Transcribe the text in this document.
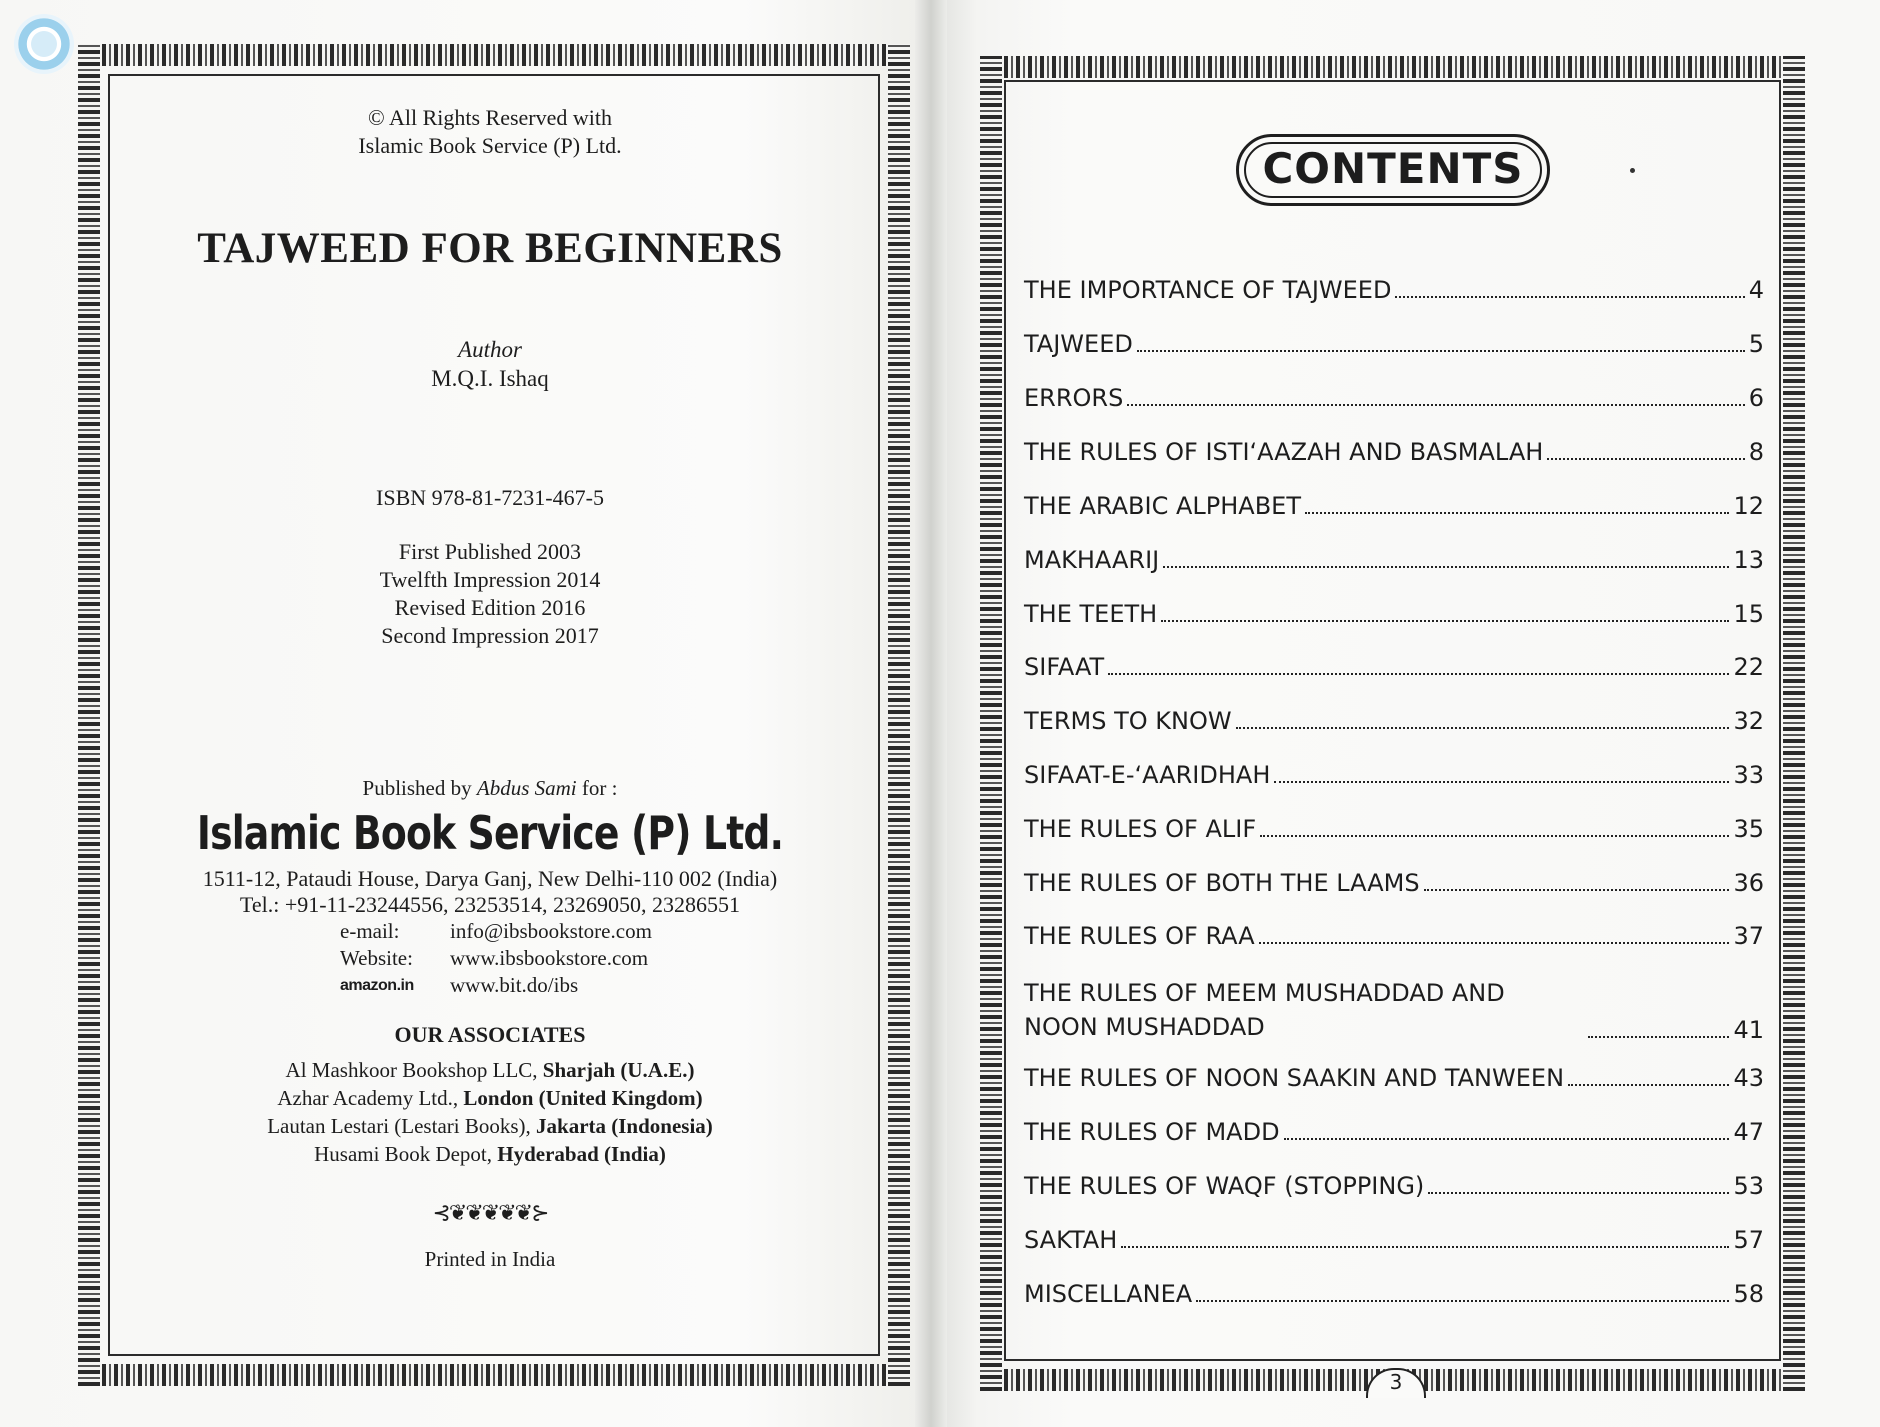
© All Rights Reserved with
Islamic Book Service (P) Ltd.
TAJWEED FOR BEGINNERS
Author
M.Q.I. Ishaq
ISBN 978-81-7231-467-5
First Published 2003
Twelfth Impression 2014
Revised Edition 2016
Second Impression 2017
Published by Abdus Sami for :
Islamic Book Service (P) Ltd.
1511-12, Pataudi House, Darya Ganj, New Delhi-110 002 (India)
Tel.: +91-11-23244556, 23253514, 23269050, 23286551
e-mail:	info@ibsbookstore.com
Website:	www.ibsbookstore.com
amazon.in	www.bit.do/ibs
OUR ASSOCIATES
Al Mashkoor Bookshop LLC, Sharjah (U.A.E.)
Azhar Academy Ltd., London (United Kingdom)
Lautan Lestari (Lestari Books), Jakarta (Indonesia)
Husami Book Depot, Hyderabad (India)
⊰❦❦❦❦❦⊱
Printed in India
CONTENTS
THE IMPORTANCE OF TAJWEED	4
TAJWEED	5
ERRORS	6
THE RULES OF ISTI‘AAZAH AND BASMALAH	8
THE ARABIC ALPHABET	12
MAKHAARIJ	13
THE TEETH	15
SIFAAT	22
TERMS TO KNOW	32
SIFAAT-E-‘AARIDHAH	33
THE RULES OF ALIF	35
THE RULES OF BOTH THE LAAMS	36
THE RULES OF RAA	37
THE RULES OF MEEM MUSHADDAD AND NOON MUSHADDAD	41
THE RULES OF NOON SAAKIN AND TANWEEN	43
THE RULES OF MADD	47
THE RULES OF WAQF (STOPPING)	53
SAKTAH	57
MISCELLANEA	58
3
